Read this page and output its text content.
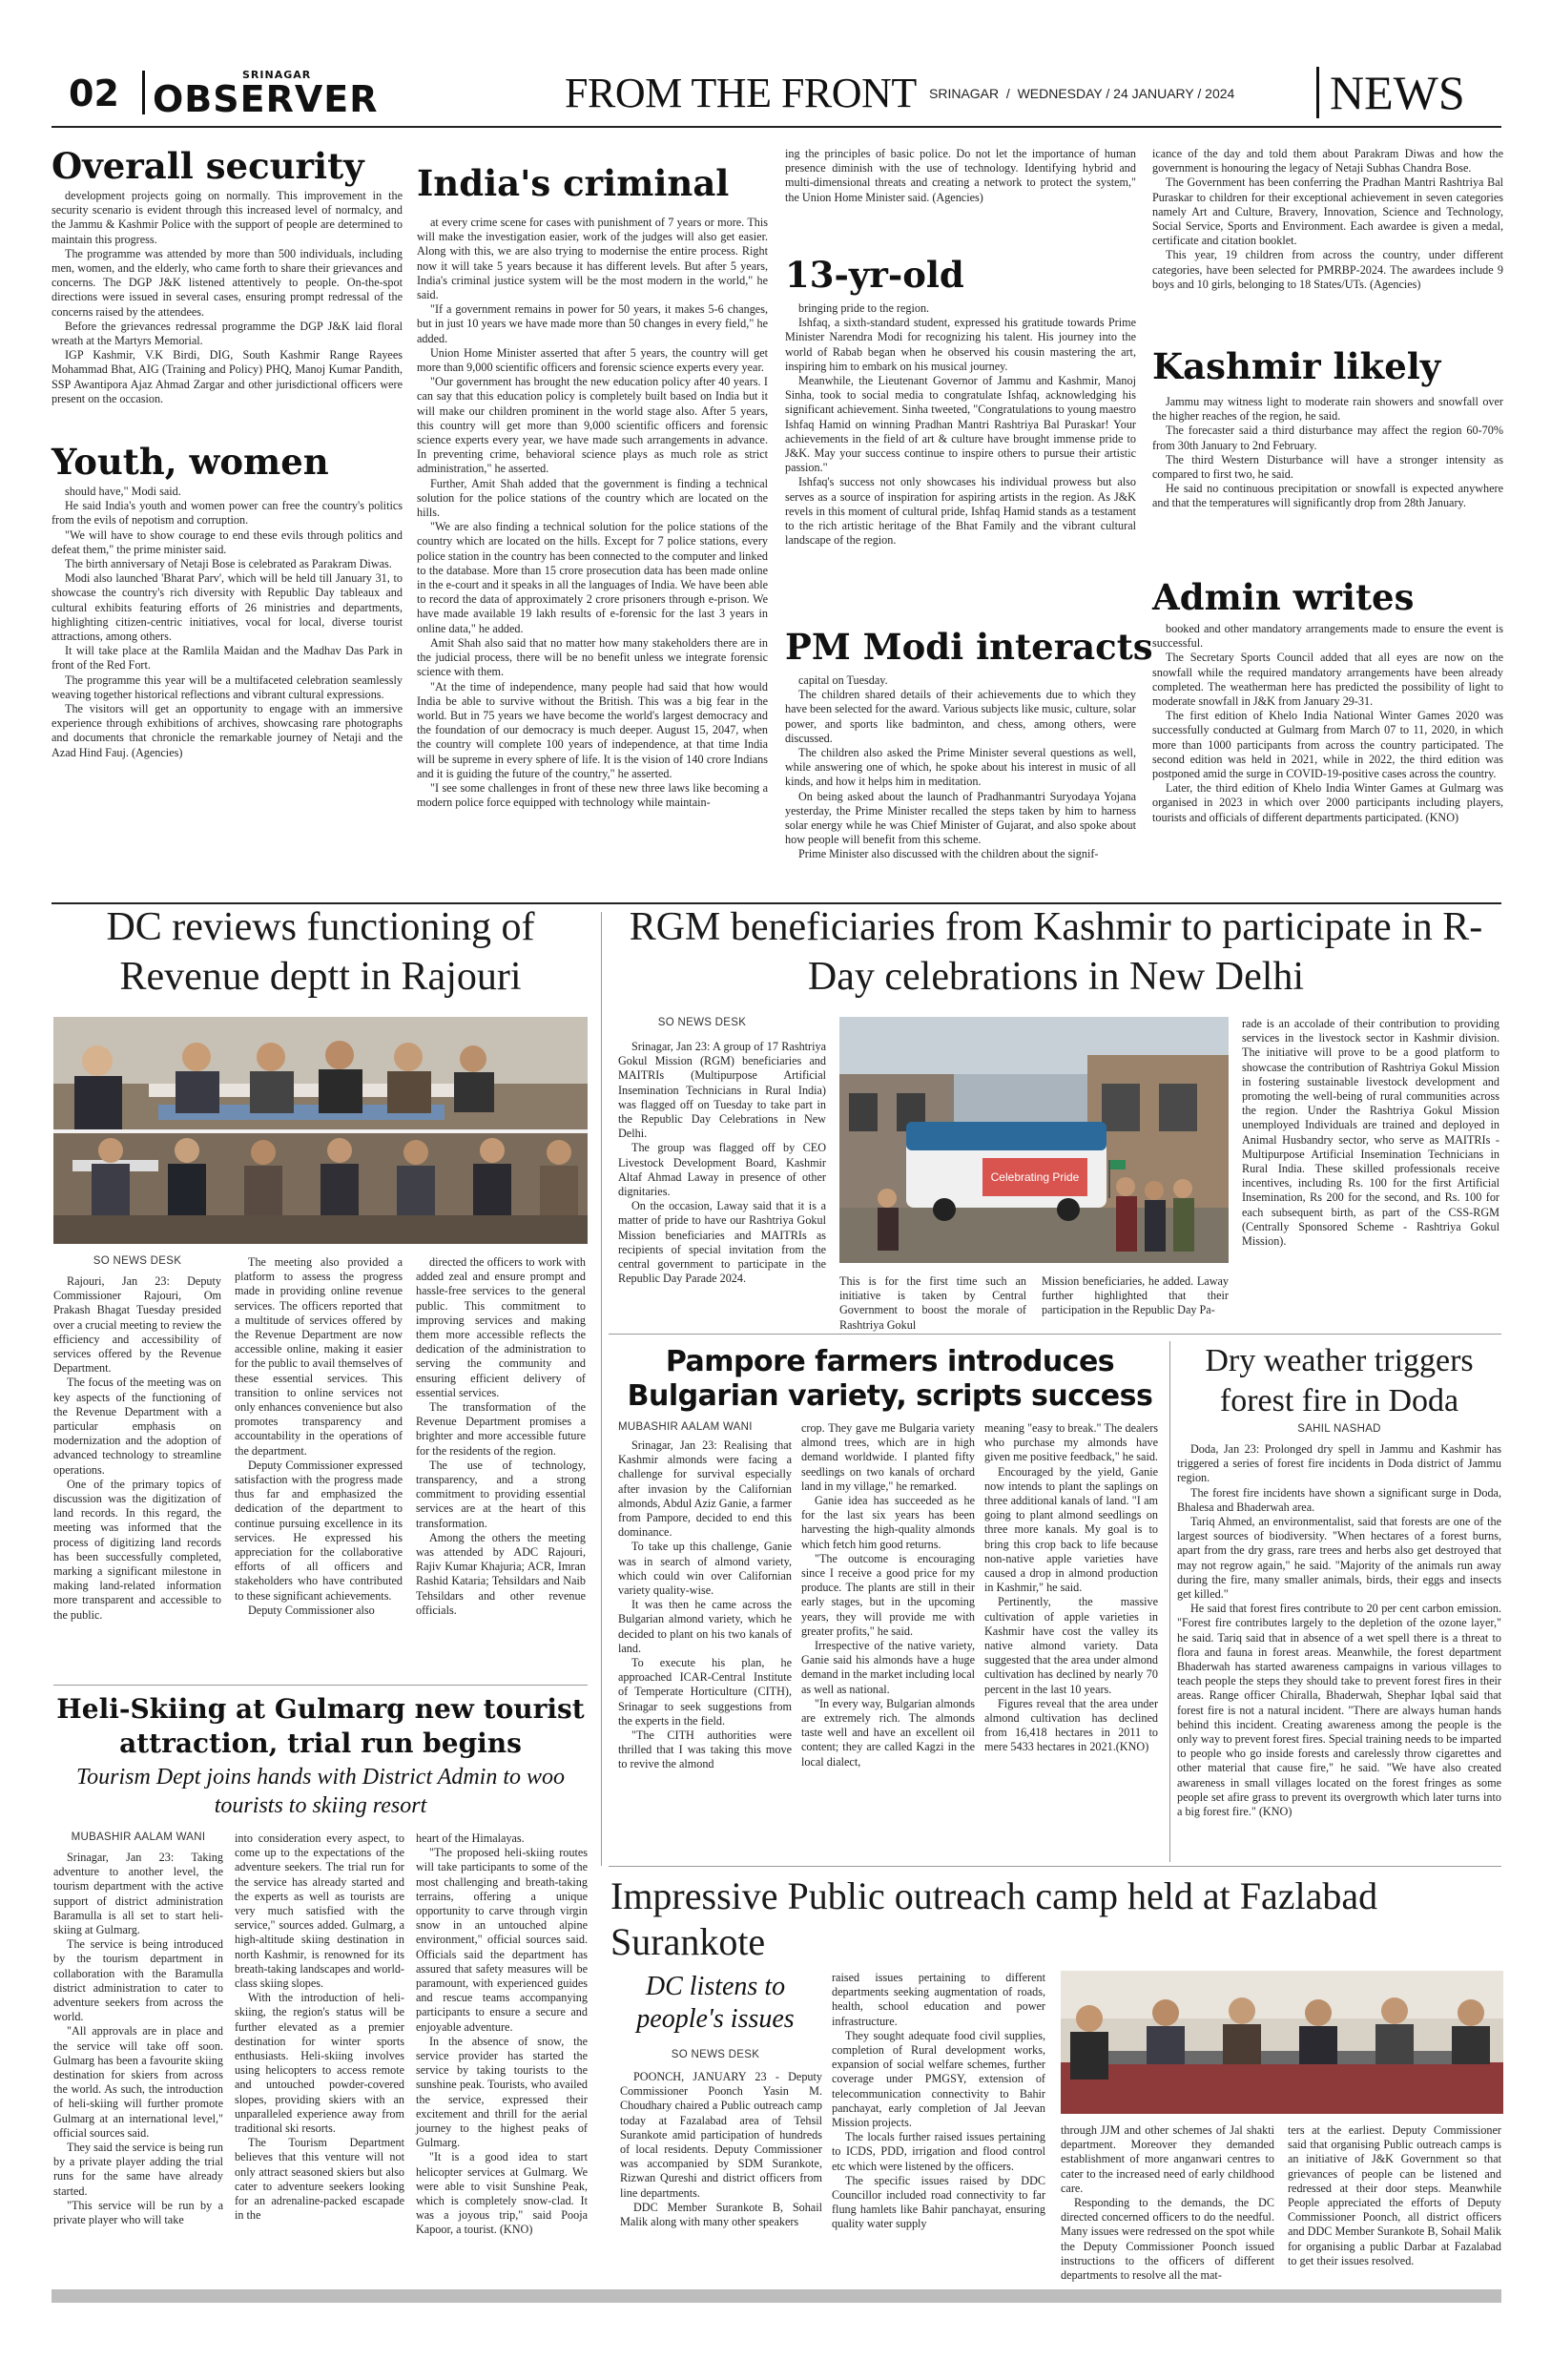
02	SRINAGAR
OBSERVER	FROM THE FRONT SRINAGAR  /  WEDNESDAY / 24 JANUARY / 2024 NEWS
Overall security

development projects going on normally. This improvement in the security scenario is evident through this increased level of normalcy, and the Jammu & Kashmir Police with the support of people are determined to maintain this progress.

The programme was attended by more than 500 individuals, including men, women, and the elderly, who came forth to share their grievances and concerns. The DGP J&K listened attentively to people. On-the-spot directions were issued in several cases, ensuring prompt redressal of the concerns raised by the attendees.

Before the grievances redressal programme the DGP J&K laid floral wreath at the Martyrs Memorial.

IGP Kashmir, V.K Birdi, DIG, South Kashmir Range Rayees Mohammad Bhat, AIG (Training and Policy) PHQ, Manoj Kumar Pandith, SSP Awantipora Ajaz Ahmad Zargar and other jurisdictional officers were present on the occasion.

Youth, women

should have," Modi said.

He said India's youth and women power can free the country's politics from the evils of nepotism and corruption.

"We will have to show courage to end these evils through politics and defeat them," the prime minister said.

The birth anniversary of Netaji Bose is celebrated as Parakram Diwas.

Modi also launched 'Bharat Parv', which will be held till January 31, to showcase the country's rich diversity with Republic Day tableaux and cultural exhibits featuring efforts of 26 ministries and departments, highlighting citizen-centric initiatives, vocal for local, diverse tourist attractions, among others.

It will take place at the Ramlila Maidan and the Madhav Das Park in front of the Red Fort.

The programme this year will be a multifaceted celebration seamlessly weaving together historical reflections and vibrant cultural expressions.

The visitors will get an opportunity to engage with an immersive experience through exhibitions of archives, showcasing rare photographs and documents that chronicle the remarkable journey of Netaji and the Azad Hind Fauj. (Agencies)

India's criminal

at every crime scene for cases with punishment of 7 years or more. This will make the investigation easier, work of the judges will also get easier. Along with this, we are also trying to modernise the entire process. Right now it will take 5 years because it has different levels. But after 5 years, India's criminal justice system will be the most modern in the world," he said.

"If a government remains in power for 50 years, it makes 5-6 changes, but in just 10 years we have made more than 50 changes in every field," he added.

Union Home Minister asserted that after 5 years, the country will get more than 9,000 scientific officers and forensic science experts every year.

"Our government has brought the new education policy after 40 years. I can say that this education policy is completely built based on India but it will make our children prominent in the world stage also. After 5 years, this country will get more than 9,000 scientific officers and forensic science experts every year, we have made such arrangements in advance. In preventing crime, behavioral science plays as much role as strict administration," he asserted.

Further, Amit Shah added that the government is finding a technical solution for the police stations of the country which are located on the hills.

"We are also finding a technical solution for the police stations of the country which are located on the hills. Except for 7 police stations, every police station in the country has been connected to the computer and linked to the database. More than 15 crore prosecution data has been made online in the e-court and it speaks in all the languages of India. We have been able to record the data of approximately 2 crore prisoners through e-prison. We have made available 19 lakh results of e-forensic for the last 3 years in online data," he added.

Amit Shah also said that no matter how many stakeholders there are in the judicial process, there will be no benefit unless we integrate forensic science with them.

"At the time of independence, many people had said that how would India be able to survive without the British. This was a big fear in the world. But in 75 years we have become the world's largest democracy and the foundation of our democracy is much deeper. August 15, 2047, when the country will complete 100 years of independence, at that time India will be supreme in every sphere of life. It is the vision of 140 crore Indians and it is guiding the future of the country," he asserted.

"I see some challenges in front of these new three laws like becoming a modern police force equipped with technology while maintain-

ing the principles of basic police. Do not let the importance of human presence diminish with the use of technology. Identifying hybrid and multi-dimensional threats and creating a network to protect the system," the Union Home Minister said. (Agencies)

13-yr-old

bringing pride to the region.

Ishfaq, a sixth-standard student, expressed his gratitude towards Prime Minister Narendra Modi for recognizing his talent. His journey into the world of Rabab began when he observed his cousin mastering the art, inspiring him to embark on his musical journey.

Meanwhile, the Lieutenant Governor of Jammu and Kashmir, Manoj Sinha, took to social media to congratulate Ishfaq, acknowledging his significant achievement. Sinha tweeted, "Congratulations to young maestro Ishfaq Hamid on winning Pradhan Mantri Rashtriya Bal Puraskar! Your achievements in the field of art & culture have brought immense pride to J&K. May your success continue to inspire others to pursue their artistic passion."

Ishfaq's success not only showcases his individual prowess but also serves as a source of inspiration for aspiring artists in the region. As J&K revels in this moment of cultural pride, Ishfaq Hamid stands as a testament to the rich artistic heritage of the Bhat Family and the vibrant cultural landscape of the region.

PM Modi interacts

capital on Tuesday.

The children shared details of their achievements due to which they have been selected for the award. Various subjects like music, culture, solar power, and sports like badminton, and chess, among others, were discussed.

The children also asked the Prime Minister several questions as well, while answering one of which, he spoke about his interest in music of all kinds, and how it helps him in meditation.

On being asked about the launch of Pradhanmantri Suryodaya Yojana yesterday, the Prime Minister recalled the steps taken by him to harness solar energy while he was Chief Minister of Gujarat, and also spoke about how people will benefit from this scheme.

Prime Minister also discussed with the children about the signif-

icance of the day and told them about Parakram Diwas and how the government is honouring the legacy of Netaji Subhas Chandra Bose.

The Government has been conferring the Pradhan Mantri Rashtriya Bal Puraskar to children for their exceptional achievement in seven categories namely Art and Culture, Bravery, Innovation, Science and Technology, Social Service, Sports and Environment. Each awardee is given a medal, certificate and citation booklet.

This year, 19 children from across the country, under different categories, have been selected for PMRBP-2024. The awardees include 9 boys and 10 girls, belonging to 18 States/UTs. (Agencies)

Kashmir likely

Jammu may witness light to moderate rain showers and snowfall over the higher reaches of the region, he said.

The forecaster said a third disturbance may affect the region 60-70% from 30th January to 2nd February.

The third Western Disturbance will have a stronger intensity as compared to first two, he said.

He said no continuous precipitation or snowfall is expected anywhere and that the temperatures will significantly drop from 28th January.

Admin writes

booked and other mandatory arrangements made to ensure the event is successful.

The Secretary Sports Council added that all eyes are now on the snowfall while the required mandatory arrangements have been already completed. The weatherman here has predicted the possibility of light to moderate snowfall in J&K from January 29-31.

The first edition of Khelo India National Winter Games 2020 was successfully conducted at Gulmarg from March 07 to 11, 2020, in which more than 1000 participants from across the country participated. The second edition was held in 2021, while in 2022, the third edition was postponed amid the surge in COVID-19-positive cases across the country.

Later, the third edition of Khelo India Winter Games at Gulmarg was organised in 2023 in which over 2000 participants including players, tourists and officials of different departments participated. (KNO)

DC reviews functioning of Revenue deptt in Rajouri
SO NEWS DESK

Rajouri, Jan 23: Deputy Commissioner Rajouri, Om Prakash Bhagat Tuesday presided over a crucial meeting to review the efficiency and accessibility of services offered by the Revenue Department.

The focus of the meeting was on key aspects of the functioning of the Revenue Department with a particular emphasis on modernization and the adoption of advanced technology to streamline operations.

One of the primary topics of discussion was the digitization of land records. In this regard, the meeting was informed that the process of digitizing land records has been successfully completed, marking a significant milestone in making land-related information more transparent and accessible to the public.

The meeting also provided a platform to assess the progress made in providing online revenue services. The officers reported that a multitude of services offered by the Revenue Department are now accessible online, making it easier for the public to avail themselves of these essential services. This transition to online services not only enhances convenience but also promotes transparency and accountability in the operations of the department.

Deputy Commissioner expressed satisfaction with the progress made thus far and emphasized the dedication of the department to continue pursuing excellence in its services. He expressed his appreciation for the collaborative efforts of all officers and stakeholders who have contributed to these significant achievements.

Deputy Commissioner also

directed the officers to work with added zeal and ensure prompt and hassle-free services to the general public. This commitment to improving services and making them more accessible reflects the dedication of the administration to serving the community and ensuring efficient delivery of essential services.

The transformation of the Revenue Department promises a brighter and more accessible future for the residents of the region.

The use of technology, transparency, and a strong commitment to providing essential services are at the heart of this transformation.

Among the others the meeting was attended by ADC Rajouri, Rajiv Kumar Khajuria; ACR, Imran Rashid Kataria; Tehsildars and Naib Tehsildars and other revenue officials.

RGM beneficiaries from Kashmir to participate in R-Day celebrations in New Delhi
SO NEWS DESK

Srinagar, Jan 23: A group of 17 Rashtriya Gokul Mission (RGM) beneficiaries and MAITRIs (Multipurpose Artificial Insemination Technicians in Rural India) was flagged off on Tuesday to take part in the Republic Day Celebrations in New Delhi.

The group was flagged off by CEO Livestock Development Board, Kashmir Altaf Ahmad Laway in presence of other dignitaries.

On the occasion, Laway said that it is a matter of pride to have our Rashtriya Gokul Mission beneficiaries and MAITRIs as recipients of special invitation from the central government to participate in the Republic Day Parade 2024.

Celebrating Pride
This is for the first time such an initiative is taken by Central Government to boost the morale of Rashtriya Gokul
Mission beneficiaries, he added. Laway further highlighted that their participation in the Republic Day Pa-

rade is an accolade of their contribution to providing services in the livestock sector in Kashmir division. The initiative will prove to be a good platform to showcase the contribution of Rashtriya Gokul Mission in fostering sustainable livestock development and promoting the well-being of rural communities across the region. Under the Rashtriya Gokul Mission unemployed Individuals are trained and deployed in Animal Husbandry sector, who serve as MAITRIs - Multipurpose Artificial Insemination Technicians in Rural India. These skilled professionals receive incentives, including Rs. 100 for the first Artificial Insemination, Rs 200 for the second, and Rs. 100 for each subsequent birth, as part of the CSS-RGM (Centrally Sponsored Scheme - Rashtriya Gokul Mission).

Pampore farmers introduces
Bulgarian variety, scripts success
MUBASHIR AALAM WANI

Srinagar, Jan 23: Realising that Kashmir almonds were facing a challenge for survival especially after invasion by the Californian almonds, Abdul Aziz Ganie, a farmer from Pampore, decided to end this dominance.

To take up this challenge, Ganie was in search of almond variety, which could win over Californian variety quality-wise.

It was then he came across the Bulgarian almond variety, which he decided to plant on his two kanals of land.

To execute his plan, he approached ICAR-Central Institute of Temperate Horticulture (CITH), Srinagar to seek suggestions from the experts in the field.

"The CITH authorities were thrilled that I was taking this move to revive the almond

crop. They gave me Bulgaria variety almond trees, which are in high demand worldwide. I planted fifty seedlings on two kanals of orchard land in my village," he remarked.

Ganie idea has succeeded as he for the last six years has been harvesting the high-quality almonds which fetch him good returns.

"The outcome is encouraging since I receive a good price for my produce. The plants are still in their early stages, but in the upcoming years, they will provide me with greater profits," he said.

Irrespective of the native variety, Ganie said his almonds have a huge demand in the market including local as well as national.

"In every way, Bulgarian almonds are extremely rich. The almonds taste well and have an excellent oil content; they are called Kagzi in the local dialect,

meaning "easy to break." The dealers who purchase my almonds have given me positive feedback," he said.

Encouraged by the yield, Ganie now intends to plant the saplings on three additional kanals of land. "I am going to plant almond seedlings on three more kanals. My goal is to bring this crop back to life because non-native apple varieties have caused a drop in almond production in Kashmir," he said.

Pertinently, the massive cultivation of apple varieties in Kashmir have cost the valley its native almond variety. Data suggested that the area under almond cultivation has declined by nearly 70 percent in the last 10 years.

Figures reveal that the area under almond cultivation has declined from 16,418 hectares in 2011 to mere 5433 hectares in 2021.(KNO)

Dry weather triggers forest fire in Doda
SAHIL NASHAD

Doda, Jan 23: Prolonged dry spell in Jammu and Kashmir has triggered a series of forest fire incidents in Doda district of Jammu region.

The forest fire incidents have shown a significant surge in Doda, Bhalesa and Bhaderwah area.

Tariq Ahmed, an environmentalist, said that forests are one of the largest sources of biodiversity. "When hectares of a forest burns, apart from the dry grass, rare trees and herbs also get destroyed that may not regrow again," he said. "Majority of the animals run away during the fire, many smaller animals, birds, their eggs and insects get killed."

He said that forest fires contribute to 20 per cent carbon emission. "Forest fire contributes largely to the depletion of the ozone layer," he said. Tariq said that in absence of a wet spell there is a threat to flora and fauna in forest areas. Meanwhile, the forest department Bhaderwah has started awareness campaigns in various villages to teach people the steps they should take to prevent forest fires in their areas. Range officer Chiralla, Bhaderwah, Shephar Iqbal said that forest fire is not a natural incident. "There are always human hands behind this incident. Creating awareness among the people is the only way to prevent forest fires. Special training needs to be imparted to people who go inside forests and carelessly throw cigarettes and other material that cause fire," he said. "We have also created awareness in small villages located on the forest fringes as some people set afire grass to prevent its overgrowth which later turns into a big forest fire." (KNO)

Heli-Skiing at Gulmarg new tourist attraction, trial run begins
Tourism Dept joins hands with District Admin to woo tourists to skiing resort
MUBASHIR AALAM WANI

Srinagar, Jan 23: Taking adventure to another level, the tourism department with the active support of district administration Baramulla is all set to start heli-skiing at Gulmarg.

The service is being introduced by the tourism department in collaboration with the Baramulla district administration to cater to adventure seekers from across the world.

"All approvals are in place and the service will take off soon. Gulmarg has been a favourite skiing destination for skiers from across the world. As such, the introduction of heli-skiing will further promote Gulmarg at an international level," official sources said.

They said the service is being run by a private player adding the trial runs for the same have already started.

"This service will be run by a private player who will take

into consideration every aspect, to come up to the expectations of the adventure seekers. The trial run for the service has already started and the experts as well as tourists are very much satisfied with the service," sources added. Gulmarg, a high-altitude skiing destination in north Kashmir, is renowned for its breath-taking landscapes and world-class skiing slopes.

With the introduction of heli-skiing, the region's status will be further elevated as a premier destination for winter sports enthusiasts. Heli-skiing involves using helicopters to access remote and untouched powder-covered slopes, providing skiers with an unparalleled experience away from traditional ski resorts.

The Tourism Department believes that this venture will not only attract seasoned skiers but also cater to adventure seekers looking for an adrenaline-packed escapade in the

heart of the Himalayas.

"The proposed heli-skiing routes will take participants to some of the most challenging and breath-taking terrains, offering a unique opportunity to carve through virgin snow in an untouched alpine environment," official sources said. Officials said the department has assured that safety measures will be paramount, with experienced guides and rescue teams accompanying participants to ensure a secure and enjoyable adventure.

In the absence of snow, the service provider has started the service by taking tourists to the sunshine peak. Tourists, who availed the service, expressed their excitement and thrill for the aerial journey to the highest peaks of Gulmarg.

"It is a good idea to start helicopter services at Gulmarg. We were able to visit Sunshine Peak, which is completely snow-clad. It was a joyous trip," said Pooja Kapoor, a tourist. (KNO)

Impressive Public outreach camp held at Fazlabad Surankote
DC listens to people's issues
SO NEWS DESK

POONCH, JANUARY 23 - Deputy Commissioner Poonch Yasin M. Choudhary chaired a Public outreach camp today at Fazalabad area of Tehsil Surankote amid participation of hundreds of local residents. Deputy Commissioner was accompanied by SDM Surankote, Rizwan Qureshi and district officers from line departments.

DDC Member Surankote B, Sohail Malik along with many other speakers

raised issues pertaining to different departments seeking augmentation of roads, health, school education and power infrastructure.

They sought adequate food civil supplies, completion of Rural development works, expansion of social welfare schemes, further coverage under PMGSY, extension of telecommunication connectivity to Bahir panchayat, early completion of Jal Jeevan Mission projects.

The locals further raised issues pertaining to ICDS, PDD, irrigation and flood control etc which were listened by the officers.

The specific issues raised by DDC Councillor included road connectivity to far flung hamlets like Bahir panchayat, ensuring quality water supply

through JJM and other schemes of Jal shakti department. Moreover they demanded establishment of more anganwari centres to cater to the increased need of early childhood care.

Responding to the demands, the DC directed concerned officers to do the needful. Many issues were redressed on the spot while the Deputy Commissioner Poonch issued instructions to the officers of different departments to resolve all the mat-

ters at the earliest. Deputy Commissioner said that organising Public outreach camps is an initiative of J&K Government so that grievances of people can be listened and redressed at their door steps. Meanwhile People appreciated the efforts of Deputy Commissioner Poonch, all district officers and DDC Member Surankote B, Sohail Malik for organising a public Darbar at Fazalabad to get their issues resolved.
